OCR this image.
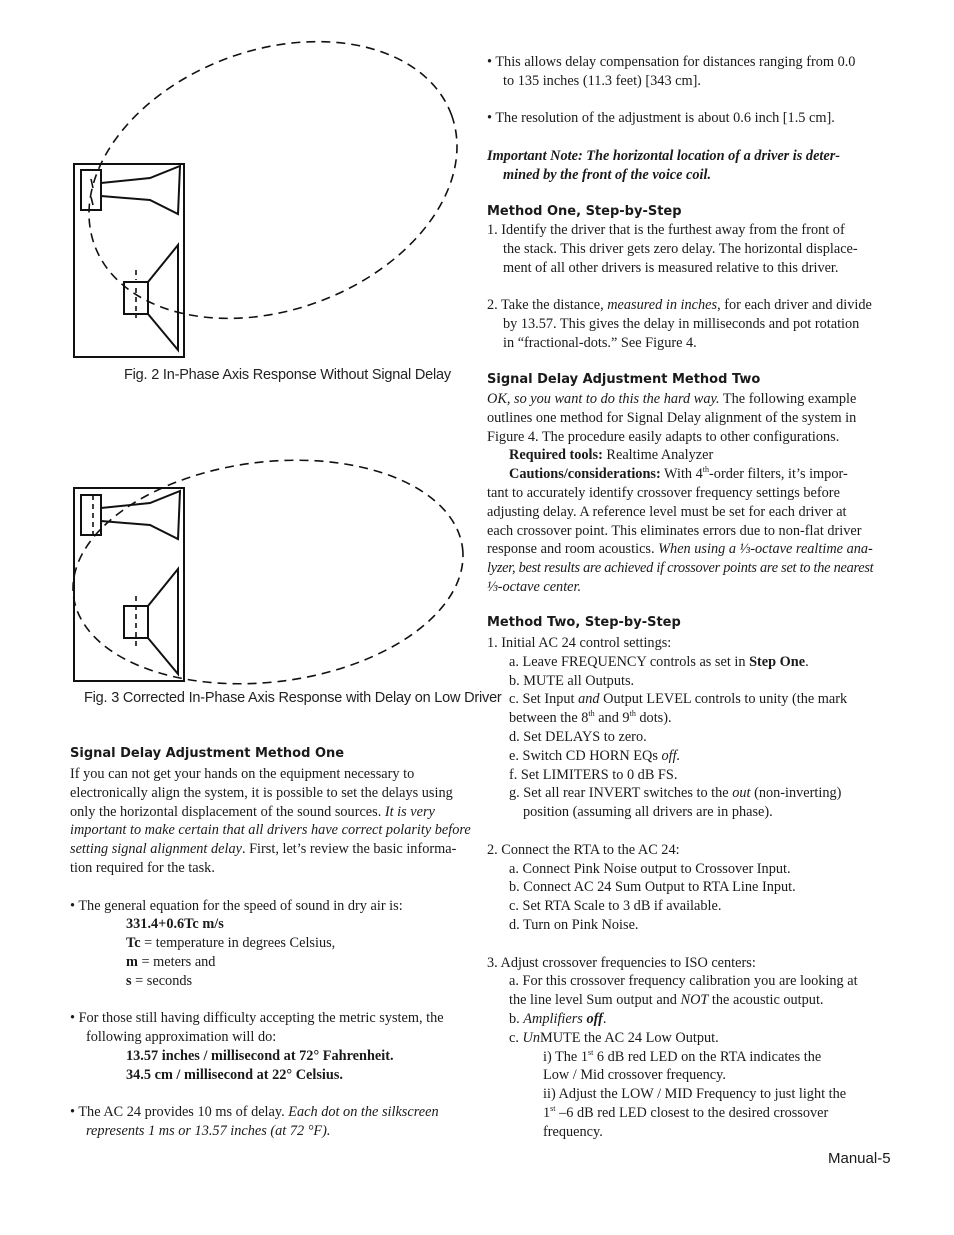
Fig. 2 In-Phase Axis Response Without Signal Delay
Fig. 3 Corrected In-Phase Axis Response with Delay on Low Driver
Signal Delay Adjustment Method One

If you can not get your hands on the equipment necessary to

electronically align the system, it is possible to set the delays using

only the horizontal displacement of the sound sources. It is very

important to make certain that all drivers have correct polarity before

setting signal alignment delay. First, let’s review the basic informa-

tion required for the task.

• The general equation for the speed of sound in dry air is:

331.4+0.6Tc m/s

Tc = temperature in degrees Celsius,

m = meters and

s = seconds

• For those still having difficulty accepting the metric system, the

following approximation will do:

13.57 inches / millisecond at 72° Fahrenheit.

34.5 cm / millisecond at 22° Celsius.

• The AC 24 provides 10 ms of delay. Each dot on the silkscreen

represents 1 ms or 13.57 inches (at 72 °F).

• This allows delay compensation for distances ranging from 0.0

to 135 inches (11.3 feet) [343 cm].

• The resolution of the adjustment is about 0.6 inch [1.5 cm].

Important Note: The horizontal location of a driver is deter-

mined by the front of the voice coil.

Method One, Step-by-Step

1. Identify the driver that is the furthest away from the front of

the stack. This driver gets zero delay. The horizontal displace-

ment of all other drivers is measured relative to this driver.

2. Take the distance, measured in inches, for each driver and divide

by 13.57. This gives the delay in milliseconds and pot rotation

in “fractional-dots.” See Figure 4.

Signal Delay Adjustment Method Two

OK, so you want to do this the hard way. The following example

outlines one method for Signal Delay alignment of the system in

Figure 4. The procedure easily adapts to other configurations.

Required tools: Realtime Analyzer

Cautions/considerations: With 4th-order filters, it’s impor-

tant to accurately identify crossover frequency settings before

adjusting delay. A reference level must be set for each driver at

each crossover point. This eliminates errors due to non-flat driver

response and room acoustics. When using a ⅓-octave realtime ana-

lyzer, best results are achieved if crossover points are set to the nearest

⅓-octave center.

Method Two, Step-by-Step

1. Initial AC 24 control settings:

a. Leave FREQUENCY controls as set in Step One.

b. MUTE all Outputs.

c. Set Input and Output LEVEL controls to unity (the mark

between the 8th and 9th dots).

d. Set DELAYS to zero.

e. Switch CD HORN EQs off.

f. Set LIMITERS to 0 dB FS.

g. Set all rear INVERT switches to the out (non-inverting)

position (assuming all drivers are in phase).

2. Connect the RTA to the AC 24:

a. Connect Pink Noise output to Crossover Input.

b. Connect AC 24 Sum Output to RTA Line Input.

c. Set RTA Scale to 3 dB if available.

d. Turn on Pink Noise.

3. Adjust crossover frequencies to ISO centers:

a. For this crossover frequency calibration you are looking at

the line level Sum output and NOT the acoustic output.

b. Amplifiers off.

c. UnMUTE the AC 24 Low Output.

i) The 1st 6 dB red LED on the RTA indicates the

Low / Mid crossover frequency.

ii) Adjust the LOW / MID Frequency to just light the

1st –6 dB red LED closest to the desired crossover

frequency.

Manual-5
